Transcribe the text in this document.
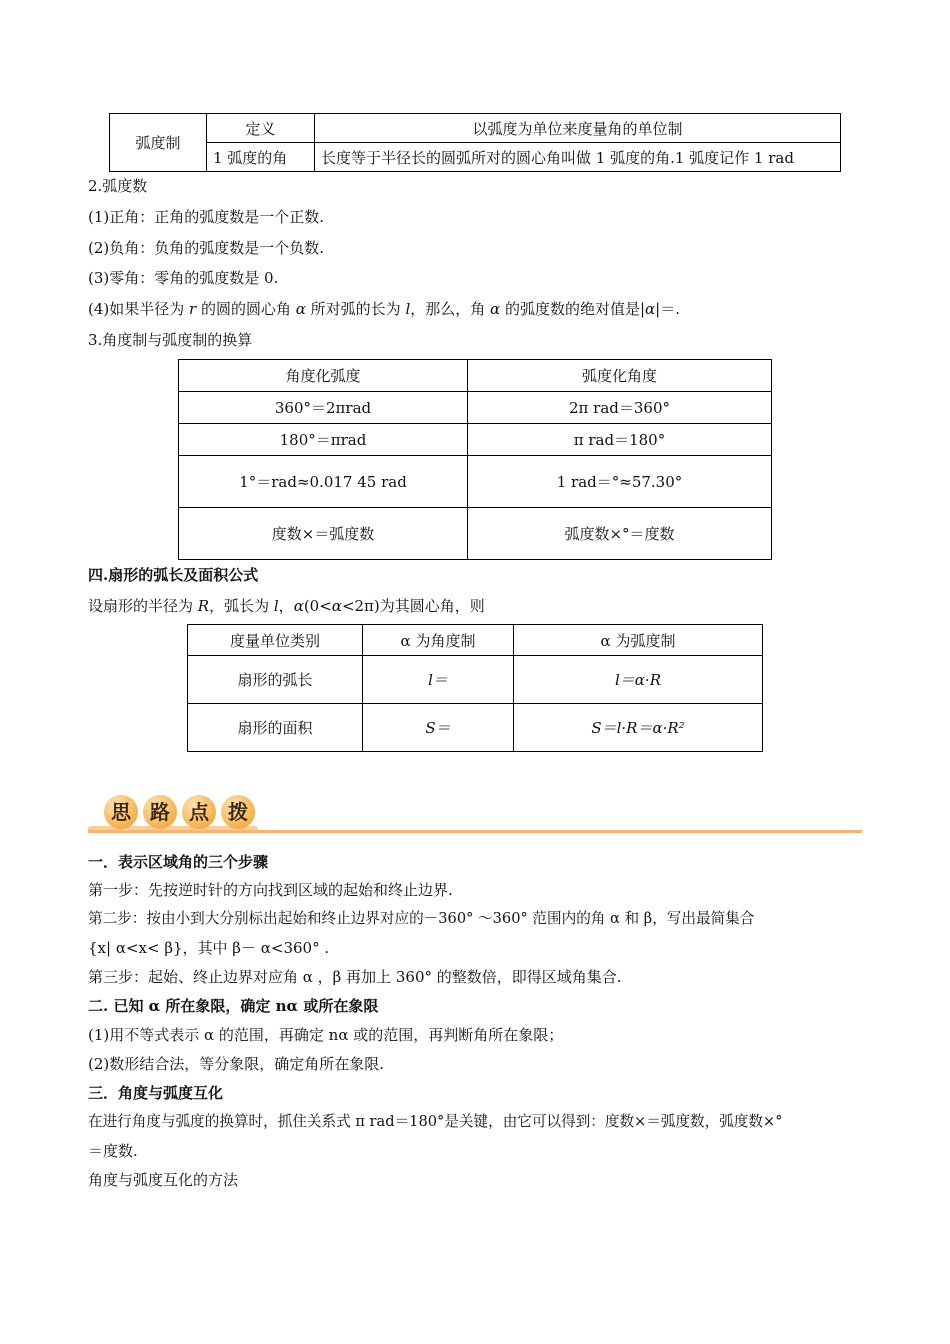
弧度制	定义	以弧度为单位来度量角的单位制
	1 弧度的角	长度等于半径长的圆弧所对的圆心角叫做 1 弧度的角.1 弧度记作 1 rad
2.弧度数
(1)正角：正角的弧度数是一个正数.
(2)负角：负角的弧度数是一个负数.
(3)零角：零角的弧度数是 0.
(4)如果半径为 r 的圆的圆心角 α 所对弧的长为 l，那么，角 α 的弧度数的绝对值是|α|＝.
3.角度制与弧度制的换算
角度化弧度	弧度化角度
360°＝2πrad	2π rad＝360°
180°＝πrad	π rad＝180°
1°＝rad≈0.017 45 rad	1 rad＝°≈57.30°
度数×＝弧度数	弧度数×°＝度数
四.扇形的弧长及面积公式
设扇形的半径为 R，弧长为 l，α(0<α<2π)为其圆心角，则
度量单位类别	α 为角度制	α 为弧度制
扇形的弧长	l＝	l＝α·R
扇形的面积	S＝	S＝l·R＝α·R²
思 路 点 拨
一．表示区域角的三个步骤
第一步：先按逆时针的方向找到区域的起始和终止边界.
第二步：按由小到大分别标出起始和终止边界对应的－360° ～360° 范围内的角 α 和 β，写出最简集合
{x| α<x< β}，其中 β－ α<360° .
第三步：起始、终止边界对应角 α ，β 再加上 360° 的整数倍，即得区域角集合.
二. 已知 α 所在象限，确定 nα 或所在象限
(1)用不等式表示 α 的范围，再确定 nα 或的范围，再判断角所在象限；
(2)数形结合法，等分象限，确定角所在象限.
三．角度与弧度互化
在进行角度与弧度的换算时，抓住关系式 π rad＝180°是关键，由它可以得到：度数×＝弧度数，弧度数×°
＝度数.
角度与弧度互化的方法
